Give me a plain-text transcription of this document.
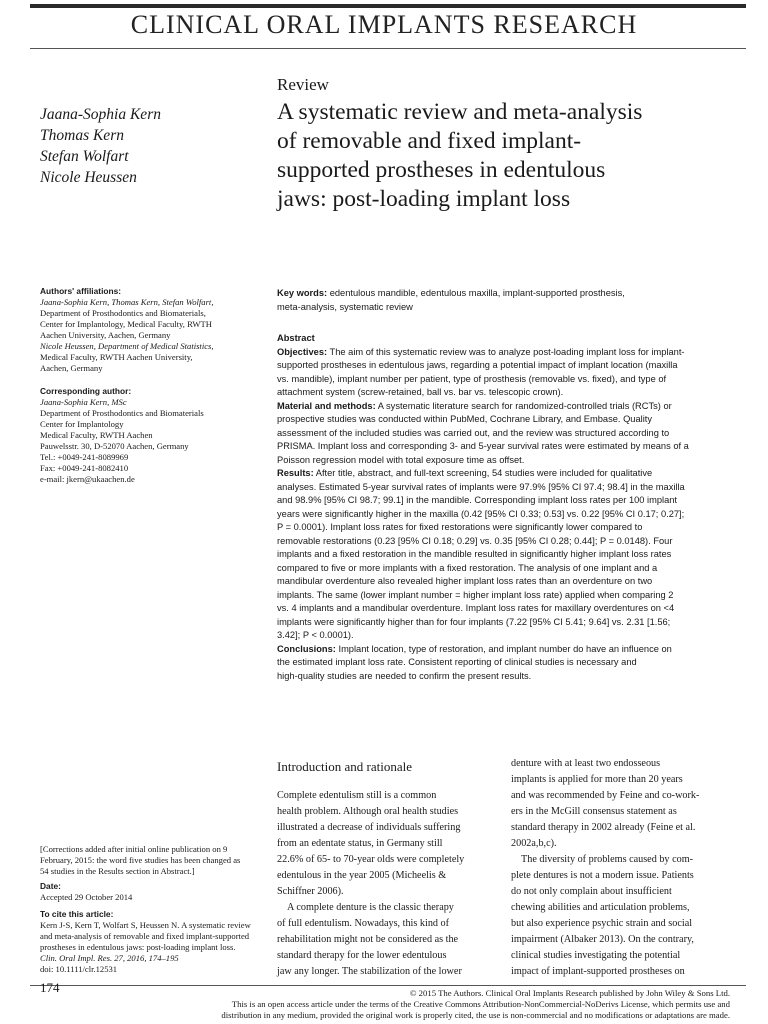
CLINICAL ORAL IMPLANTS RESEARCH
Jaana-Sophia Kern
Thomas Kern
Stefan Wolfart
Nicole Heussen
Review
A systematic review and meta-analysis
of removable and fixed implant-
supported prostheses in edentulous
jaws: post-loading implant loss
Authors' affiliations:
Jaana-Sophia Kern, Thomas Kern, Stefan Wolfart,
Department of Prosthodontics and Biomaterials,
Center for Implantology, Medical Faculty, RWTH
Aachen University, Aachen, Germany
Nicole Heussen, Department of Medical Statistics,
Medical Faculty, RWTH Aachen University,
Aachen, Germany
Corresponding author:
Jaana-Sophia Kern, MSc
Department of Prosthodontics and Biomaterials
Center for Implantology
Medical Faculty, RWTH Aachen
Pauwelsstr. 30, D-52070 Aachen, Germany
Tel.: +0049-241-8089969
Fax: +0049-241-8082410
e-mail: jkern@ukaachen.de
[Corrections added after initial online publication on 9
February, 2015: the word five studies has been changed as
54 studies in the Results section in Abstract.]
Date:
Accepted 29 October 2014
To cite this article:
Kern J-S, Kern T, Wolfart S, Heussen N. A systematic review
and meta-analysis of removable and fixed implant-supported
prostheses in edentulous jaws: post-loading implant loss.
Clin. Oral Impl. Res. 27, 2016, 174–195
doi: 10.1111/clr.12531
Key words: edentulous mandible, edentulous maxilla, implant-supported prosthesis,
meta-analysis, systematic review
Abstract
Objectives: The aim of this systematic review was to analyze post-loading implant loss for implant-
supported prostheses in edentulous jaws, regarding a potential impact of implant location (maxilla
vs. mandible), implant number per patient, type of prosthesis (removable vs. fixed), and type of
attachment system (screw-retained, ball vs. bar vs. telescopic crown).
Material and methods: A systematic literature search for randomized-controlled trials (RCTs) or
prospective studies was conducted within PubMed, Cochrane Library, and Embase. Quality
assessment of the included studies was carried out, and the review was structured according to
PRISMA. Implant loss and corresponding 3- and 5-year survival rates were estimated by means of a
Poisson regression model with total exposure time as offset.
Results: After title, abstract, and full-text screening, 54 studies were included for qualitative
analyses. Estimated 5-year survival rates of implants were 97.9% [95% CI 97.4; 98.4] in the maxilla
and 98.9% [95% CI 98.7; 99.1] in the mandible. Corresponding implant loss rates per 100 implant
years were significantly higher in the maxilla (0.42 [95% CI 0.33; 0.53] vs. 0.22 [95% CI 0.17; 0.27];
P = 0.0001). Implant loss rates for fixed restorations were significantly lower compared to
removable restorations (0.23 [95% CI 0.18; 0.29] vs. 0.35 [95% CI 0.28; 0.44]; P = 0.0148). Four
implants and a fixed restoration in the mandible resulted in significantly higher implant loss rates
compared to five or more implants with a fixed restoration. The analysis of one implant and a
mandibular overdenture also revealed higher implant loss rates than an overdenture on two
implants. The same (lower implant number = higher implant loss rate) applied when comparing 2
vs. 4 implants and a mandibular overdenture. Implant loss rates for maxillary overdentures on <4
implants were significantly higher than for four implants (7.22 [95% CI 5.41; 9.64] vs. 2.31 [1.56;
3.42]; P < 0.0001).
Conclusions: Implant location, type of restoration, and implant number do have an influence on
the estimated implant loss rate. Consistent reporting of clinical studies is necessary and
high-quality studies are needed to confirm the present results.
Introduction and rationale
Complete edentulism still is a common
health problem. Although oral health studies
illustrated a decrease of individuals suffering
from an edentate status, in Germany still
22.6% of 65- to 70-year olds were completely
edentulous in the year 2005 (Micheelis &
Schiffner 2006).
A complete denture is the classic therapy
of full edentulism. Nowadays, this kind of
rehabilitation might not be considered as the
standard therapy for the lower edentulous
jaw any longer. The stabilization of the lower
denture with at least two endosseous
implants is applied for more than 20 years
and was recommended by Feine and co-work-
ers in the McGill consensus statement as
standard therapy in 2002 already (Feine et al.
2002a,b,c).
The diversity of problems caused by com-
plete dentures is not a modern issue. Patients
do not only complain about insufficient
chewing abilities and articulation problems,
but also experience psychic strain and social
impairment (Albaker 2013). On the contrary,
clinical studies investigating the potential
impact of implant-supported prostheses on
174	© 2015 The Authors. Clinical Oral Implants Research published by John Wiley & Sons Ltd.
This is an open access article under the terms of the Creative Commons Attribution-NonCommercial-NoDerivs License, which permits use and
distribution in any medium, provided the original work is properly cited, the use is non-commercial and no modifications or adaptations are made.
